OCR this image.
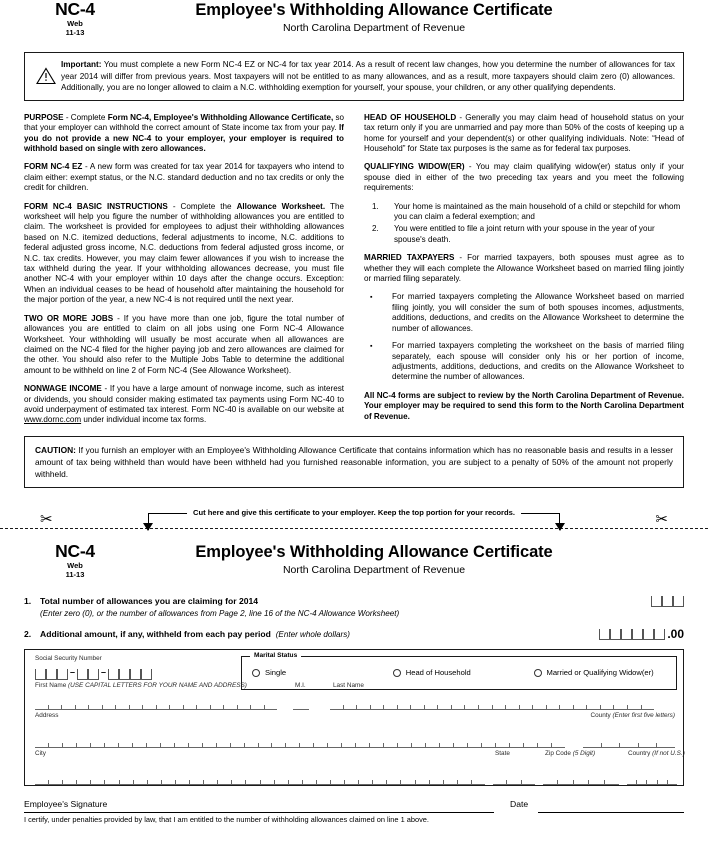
NC-4
Web
11-13
Employee's Withholding Allowance Certificate
North Carolina Department of Revenue
Important: You must complete a new Form NC-4 EZ or NC-4 for tax year 2014. As a result of recent law changes, how you determine the number of allowances for tax year 2014 will differ from previous years. Most taxpayers will not be entitled to as many allowances, and as a result, more taxpayers should claim zero (0) allowances. Additionally, you are no longer allowed to claim a N.C. withholding exemption for yourself, your spouse, your children, or any other qualifying dependents.

PURPOSE - Complete Form NC-4, Employee's Withholding Allowance Certificate, so that your employer can withhold the correct amount of State income tax from your pay. If you do not provide a new NC-4 to your employer, your employer is required to withhold based on single with zero allowances.

FORM NC-4 EZ - A new form was created for tax year 2014 for taxpayers who intend to claim either: exempt status, or the N.C. standard deduction and no tax credits or only the credit for children.

FORM NC-4 BASIC INSTRUCTIONS - Complete the Allowance Worksheet. The worksheet will help you figure the number of withholding allowances you are entitled to claim. The worksheet is provided for employees to adjust their withholding allowances based on N.C. itemized deductions, federal adjustments to income, N.C. additions to federal adjusted gross income, N.C. deductions from federal adjusted gross income, or N.C. tax credits. However, you may claim fewer allowances if you wish to increase the tax withheld during the year. If your withholding allowances decrease, you must file another NC-4 with your employer within 10 days after the change occurs. Exception: When an individual ceases to be head of household after maintaining the household for the major portion of the year, a new NC-4 is not required until the next year.

TWO OR MORE JOBS - If you have more than one job, figure the total number of allowances you are entitled to claim on all jobs using one Form NC-4 Allowance Worksheet. Your withholding will usually be most accurate when all allowances are claimed on the NC-4 filed for the higher paying job and zero allowances are claimed for the other. You should also refer to the Multiple Jobs Table to determine the additional amount to be withheld on line 2 of Form NC-4 (See Allowance Worksheet).

NONWAGE INCOME - If you have a large amount of nonwage income, such as interest or dividends, you should consider making estimated tax payments using Form NC-40 to avoid underpayment of estimated tax interest. Form NC-40 is available on our website at www.dornc.com under individual income tax forms.

HEAD OF HOUSEHOLD - Generally you may claim head of household status on your tax return only if you are unmarried and pay more than 50% of the costs of keeping up a home for yourself and your dependent(s) or other qualifying individuals. Note: “Head of Household” for State tax purposes is the same as for federal tax purposes.

QUALIFYING WIDOW(ER) - You may claim qualifying widow(er) status only if your spouse died in either of the two preceding tax years and you meet the following requirements:

1.	Your home is maintained as the main household of a child or stepchild for whom you can claim a federal exemption; and
2.	You were entitled to file a joint return with your spouse in the year of your spouse's death.

MARRIED TAXPAYERS - For married taxpayers, both spouses must agree as to whether they will each complete the Allowance Worksheet based on married filing jointly or married filing separately.

▪	For married taxpayers completing the Allowance Worksheet based on married filing jointly, you will consider the sum of both spouses incomes, adjustments, additions, deductions, and credits on the Allowance Worksheet to determine the number of allowances.
▪	For married taxpayers completing the worksheet on the basis of married filing separately, each spouse will consider only his or her portion of income, adjustments, additions, deductions, and credits on the Allowance Worksheet to determine the number of allowances.

All NC-4 forms are subject to review by the North Carolina Department of Revenue. Your employer may be required to send this form to the North Carolina Department of Revenue.

CAUTION: If you furnish an employer with an Employee's Withholding Allowance Certificate that contains information which has no reasonable basis and results in a lesser amount of tax being withheld than would have been withheld had you furnished reasonable information, you are subject to a penalty of 50% of the amount not properly withheld.
✂	✂
Cut here and give this certificate to your employer. Keep the top portion for your records.
NC-4
Web
11-13
Employee's Withholding Allowance Certificate
North Carolina Department of Revenue
1.	Total number of allowances you are claiming for 2014
(Enter zero (0), or the number of allowances from Page 2, line 16 of the NC-4 Allowance Worksheet)
2.	Additional amount, if any, withheld from each pay period (Enter whole dollars)	.00
Social Security Number
–	–
Marital Status
Single	Head of Household	Married or Qualifying Widow(er)
First Name (USE CAPITAL LETTERS FOR YOUR NAME AND ADDRESS)	M.I.	Last Name
Address	County (Enter first five letters)
City	State	Zip Code (5 Digit)	Country (If not U.S.)
Employee's Signature	Date
I certify, under penalties provided by law, that I am entitled to the number of withholding allowances claimed on line 1 above.
